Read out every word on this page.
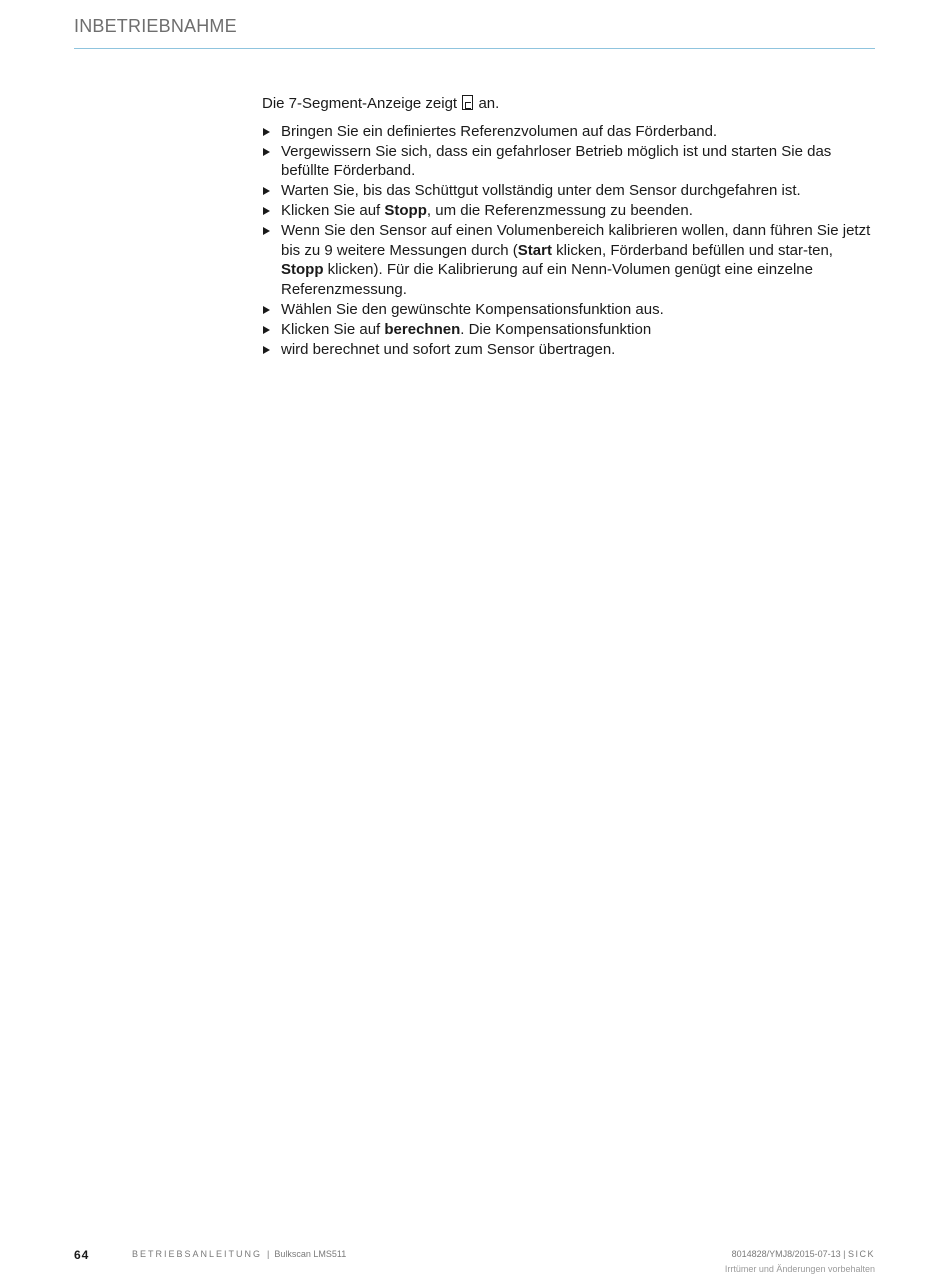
INBETRIEBNAHME

Die 7-Segment-Anzeige zeigt  an.

Bringen Sie ein definiertes Referenzvolumen auf das Förderband.
Vergewissern Sie sich, dass ein gefahrloser Betrieb möglich ist und starten Sie das befüllte Förderband.
Warten Sie, bis das Schüttgut vollständig unter dem Sensor durchgefahren ist.
Klicken Sie auf Stopp, um die Referenzmessung zu beenden.
Wenn Sie den Sensor auf einen Volumenbereich kalibrieren wollen, dann führen Sie jetzt bis zu 9 weitere Messungen durch (Start klicken, Förderband befüllen und star-ten, Stopp klicken). Für die Kalibrierung auf ein Nenn-Volumen genügt eine einzelne Referenzmessung.
Wählen Sie den gewünschte Kompensationsfunktion aus.
Klicken Sie auf berechnen. Die Kompensationsfunktion
wird berechnet und sofort zum Sensor übertragen.
64	BETRIEBSANLEITUNG | Bulkscan LMS511	8014828/YMJ8/2015-07-13 | SICK
Irrtümer und Änderungen vorbehalten
